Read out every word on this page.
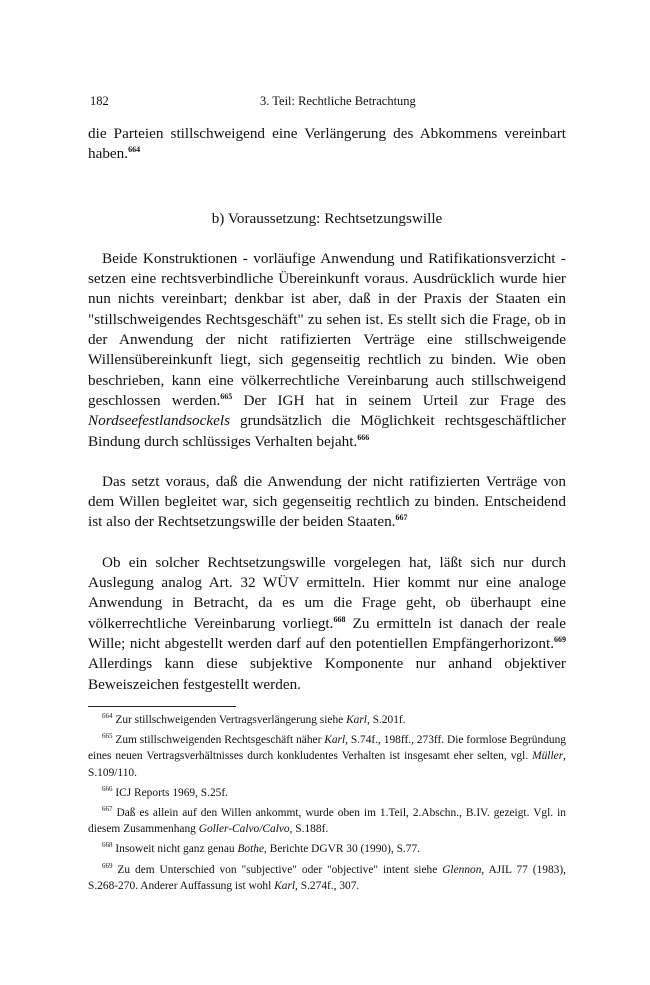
182	3. Teil: Rechtliche Betrachtung

die Parteien stillschweigend eine Verlängerung des Abkommens vereinbart haben.$^{664}$

b) Voraussetzung: Rechtsetzungswille

Beide Konstruktionen - vorläufige Anwendung und Ratifikationsverzicht - setzen eine rechtsverbindliche Übereinkunft voraus. Ausdrücklich wurde hier nun nichts vereinbart; denkbar ist aber, daß in der Praxis der Staaten ein "stillschweigendes Rechtsgeschäft" zu sehen ist. Es stellt sich die Frage, ob in der Anwendung der nicht ratifizierten Verträge eine stillschweigende Willensübereinkunft liegt, sich gegenseitig rechtlich zu binden. Wie oben beschrieben, kann eine völkerrechtliche Vereinbarung auch stillschweigend geschlossen werden.$^{665}$ Der IGH hat in seinem Urteil zur Frage des Nordseefestlandsockels grundsätzlich die Möglichkeit rechtsgeschäftlicher Bindung durch schlüssiges Verhalten bejaht.$^{666}$

Das setzt voraus, daß die Anwendung der nicht ratifizierten Verträge von dem Willen begleitet war, sich gegenseitig rechtlich zu binden. Entscheidend ist also der Rechtsetzungswille der beiden Staaten.$^{667}$

Ob ein solcher Rechtsetzungswille vorgelegen hat, läßt sich nur durch Auslegung analog Art. 32 WÜV ermitteln. Hier kommt nur eine analoge Anwendung in Betracht, da es um die Frage geht, ob überhaupt eine völkerrechtliche Vereinbarung vorliegt.$^{668}$ Zu ermitteln ist danach der reale Wille; nicht abgestellt werden darf auf den potentiellen Empfängerhorizont.$^{669}$ Allerdings kann diese subjektive Komponente nur anhand objektiver Beweiszeichen festgestellt werden.

$^{664}$ Zur stillschweigenden Vertragsverlängerung siehe Karl, S.201f.

$^{665}$ Zum stillschweigenden Rechtsgeschäft näher Karl, S.74f., 198ff., 273ff. Die formlose Begründung eines neuen Vertragsverhältnisses durch konkludentes Verhalten ist insgesamt eher selten, vgl. Müller, S.109/110.

$^{666}$ ICJ Reports 1969, S.25f.

$^{667}$ Daß es allein auf den Willen ankommt, wurde oben im 1.Teil, 2.Abschn., B.IV. gezeigt. Vgl. in diesem Zusammenhang Goller-Calvo/Calvo, S.188f.

$^{668}$ Insoweit nicht ganz genau Bothe, Berichte DGVR 30 (1990), S.77.

$^{669}$ Zu dem Unterschied von "subjective" oder "objective" intent siehe Glennon, AJIL 77 (1983), S.268-270. Anderer Auffassung ist wohl Karl, S.274f., 307.
